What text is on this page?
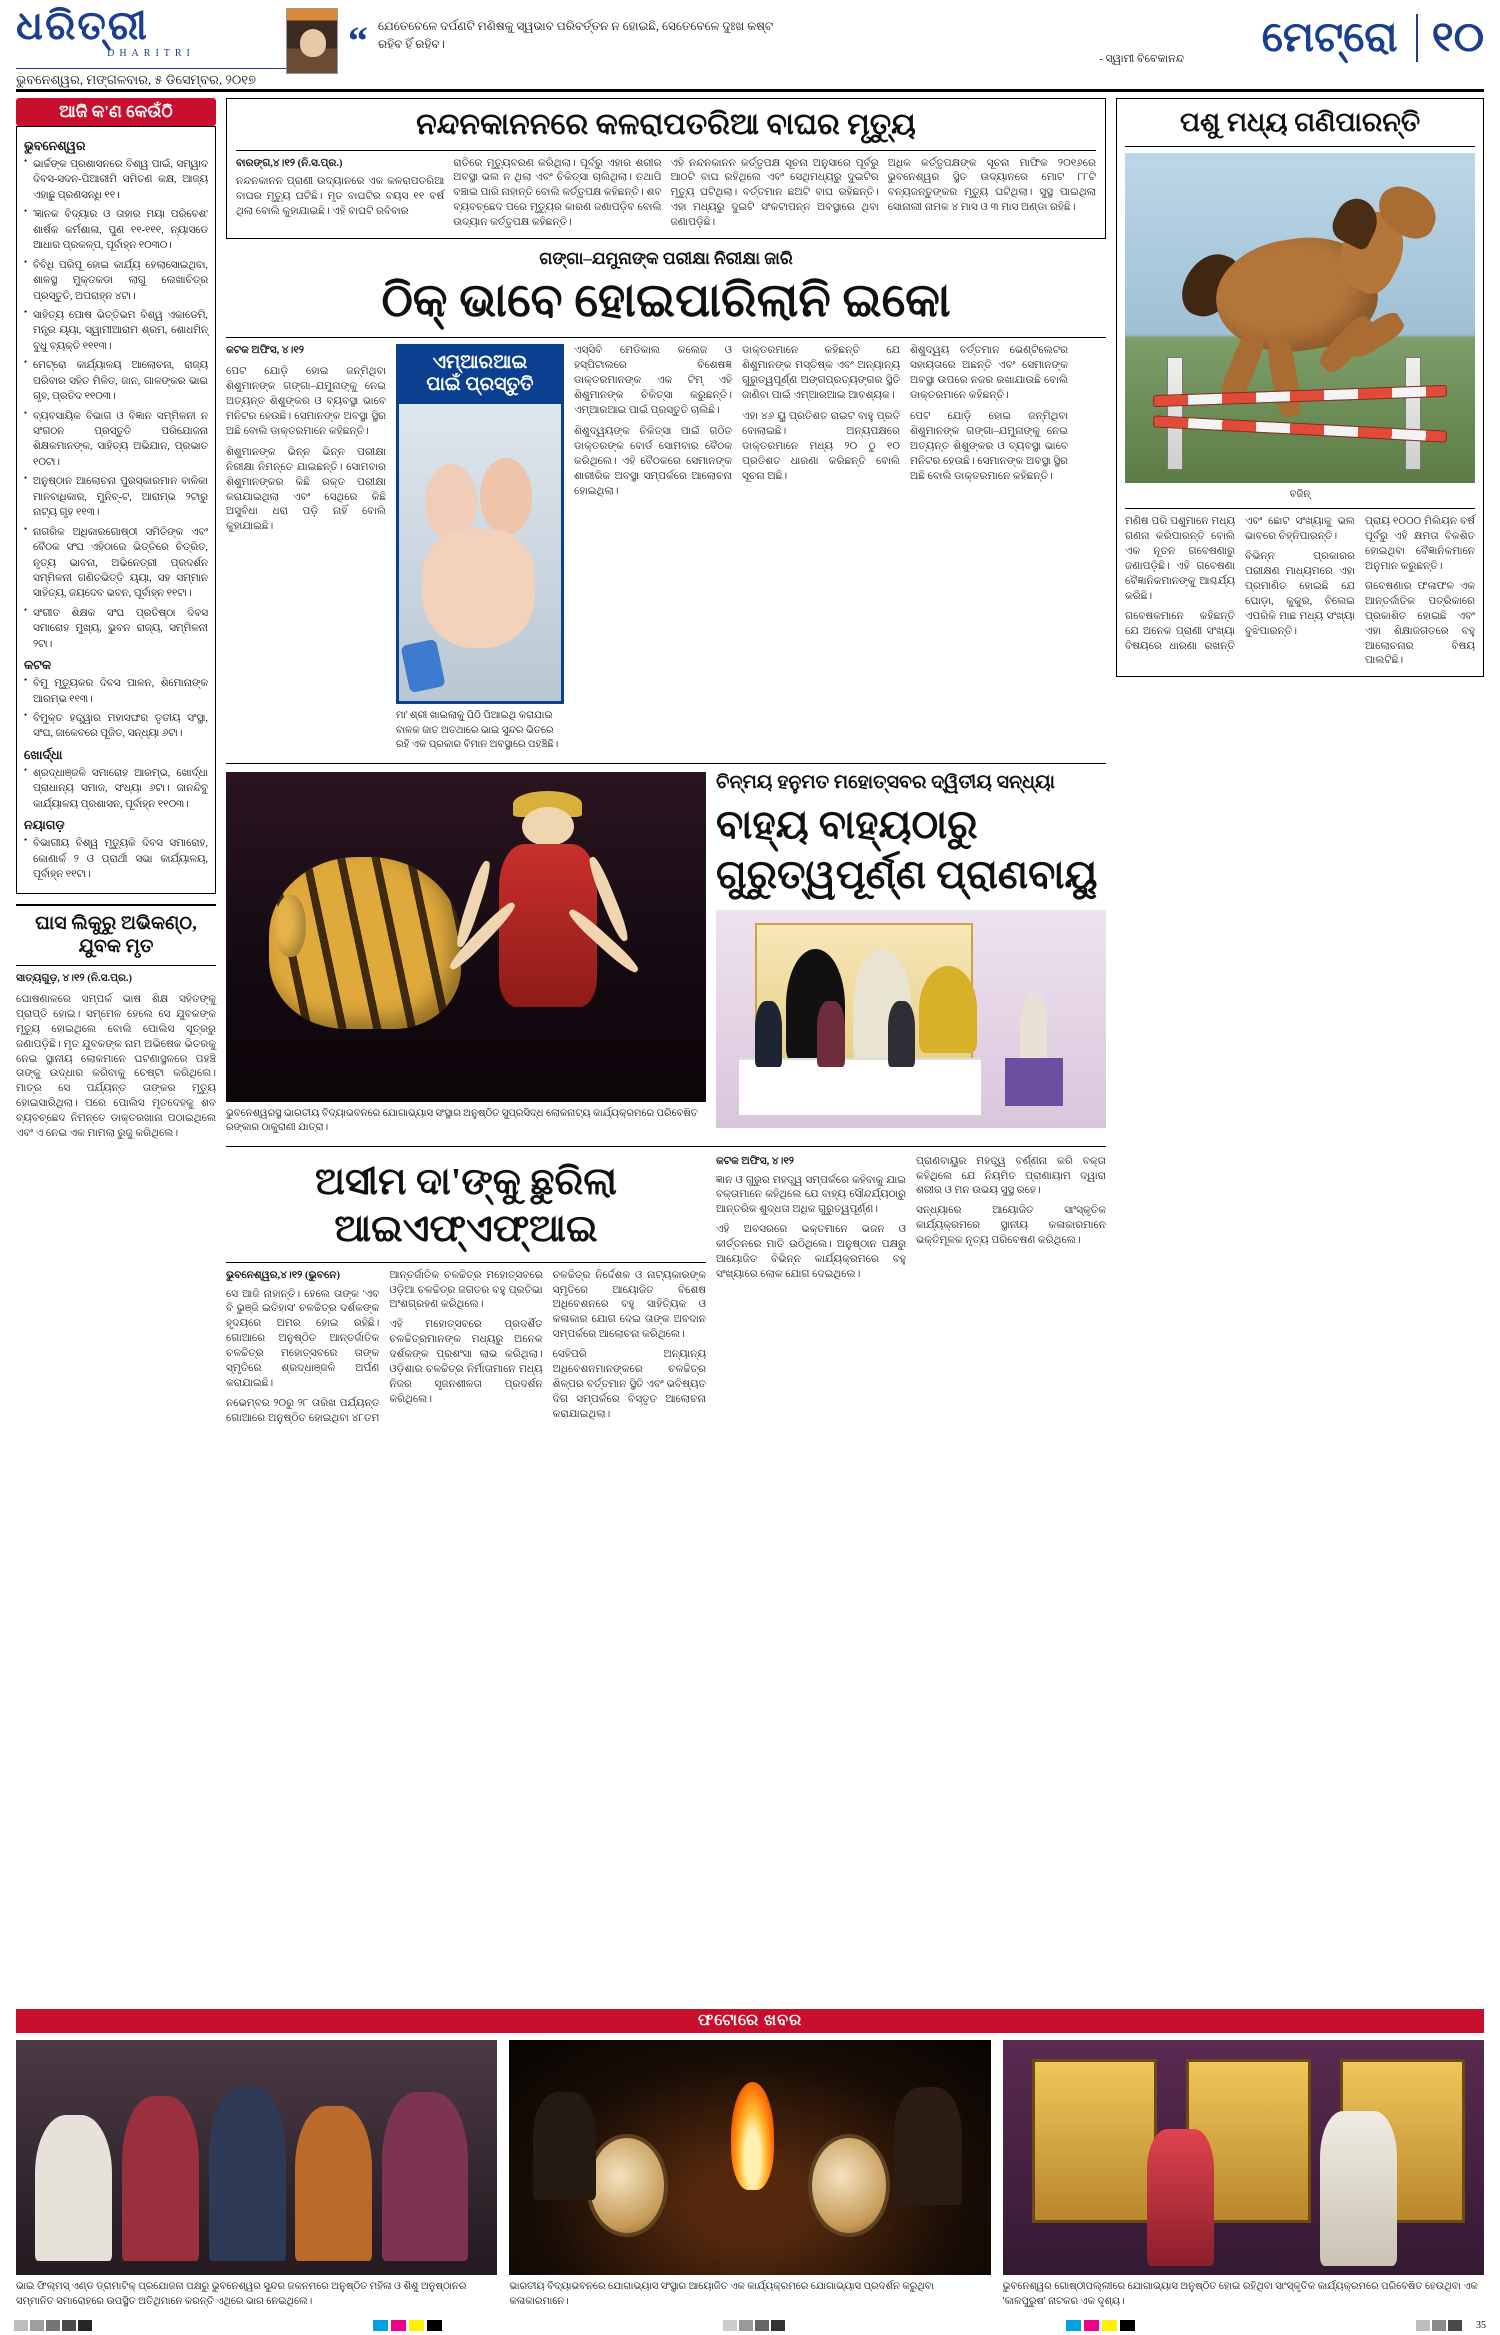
ଧରିତ୍ରୀ
DHARITRI
ଭୁବନେଶ୍ୱର, ମଙ୍ଗଳବାର, ୫ ଡିସେମ୍ବର, ୨୦୧୭
“ ଯେତେବେଳେ ଦର୍ପଣଟି ମଣିଷକୁ ସ୍ୱଭାବ ପରିବର୍ତ୍ତନ ନ ହୋଇଛି, ସେତେବେଳେ ଦୁଃଖ କଷ୍ଟ ରହିବ ହିଁ ରହିବ।
- ସ୍ୱାମୀ ବିବେକାନନ୍ଦ	ମେଟ୍ରୋ ୧୦
ଆଜି କ'ଣ କେଉଁଠି
ଭୁବନେଶ୍ୱର
● ଭାର୍ଚ୍ଚଙ୍କ ପ୍ରଶାସନରେ ବିଶ୍ୱ ପାଇଁ, ସମ୍ୱାଦ ଦିବସ-ସଦନ-ପିଆରୀମି ସମିତଣ କକ୍ଷ, ଆଜ୍ୟ ଏହାଛୁ ପ୍ରଣସନ୍ଧି ୧୧।
● 'ଜ୍ଞାନକ ବିଦ୍ୟାର ଓ ତାହାର ମୟା ପରିବେଶ' ଶାର୍ଷକ କର୍ମଶାଳା, ପୁଣ ୧୧-୧୧୧, ନ୍ୟାସଡେ ଆଧାର ପ୍ରକଳ୍ପ, ପୂର୍ବାହ୍ନ ୧୦୩୦।
● ବିବିଧି ପରିପୂ ହୋଇ କାର୍ଯ୍ୟ ହେଲାସୋଇଥିବା, ଶାଳସ୍ଥ ମୁକ୍ତକଡା ଲାଗୁ ଲେଖାଚିତ୍ର ପ୍ରସ୍ତୁତି, ଅପରାହ୍ନ ୪ଟା।
● ସାହିତ୍ୟ ପୋଷ ଭିତ୍ତିଭମ ବିଶ୍ୱ ଏକାଡେମି, ମନ୍ତ୍ର ୟ୍ୟା, ସ୍ୱାମୀଆରାମ ଶ୍ରମ, ଶୋଧମିନ୍ ବୁଧୁ ବ୍ୟକ୍ତି ୧୧୧୩।
● ମେଟ୍ରୋ କାର୍ଯ୍ୟାଳୟ ଆଲୋଚନା, ରାଜ୍ୟ ପରିବାର ସହିତ ମିଳିତ, ଜାନ, ଗାଳଙ୍କର ଭାଇ ଗୃହ, ପ୍ରତିଦ ୧୧୦୩।
● ବ୍ୟବସାୟିକ ବିଭାଗ ଓ ବିଜ୍ଞାନ ସମ୍ମିଳନୀ ନ ସଂଗଠନ ପ୍ରସ୍ତୁତି ପରିଯୋଜନା ଶିକ୍ଷକମାନଙ୍କ, ସାହିତ୍ୟ ଅଭିଯାନ, ପ୍ରଭାତ ୧୦ଟା।
● ଅନୁଷ୍ଠାନ ଆଲୋଚନା ପୁରସ୍କାରମାନ ବାଳିକା ମାନବାଧିକାର, ମୁନିବ୍-ଟ, ଆରାମ୍ଭ ୨ଟାରୁ ନାଟ୍ୟ ଗୃହ ୧୧୩।
● ନାଗରିକ ଅଧିକାରଗୋଷ୍ଠୀ ସମିତିଙ୍କ ଏବଂ ବୈଠକ ସଂଘ ଏହିଠାରେ ଭିତ୍ତିରେ ଚିତ୍ରିତ, ନୃତ୍ୟ ଭାବନା, ଅଭିନେତ୍ରୀ ପ୍ରଦର୍ଶନ ସମ୍ମିଳନୀ ଗଣିତଭିତ୍ତି ୟ୍ୟା, ସହ ସମ୍ମାନ ସାହିତ୍ୟ, ଜୟଦେବ ଭବନ, ପୂର୍ବାହ୍ନ ୧୧ଟା।
● ସଂଗୀତ ଶିକ୍ଷକ ସଂଘ ପ୍ରତିଷ୍ଠା ଦିବସ ସମାରୋହ ମୁଖ୍ୟ, ଭୁବନ ରାଜ୍ୟ, ସମ୍ମିଳନୀ ୨ଟା।
କଟକ
● ବିମୁ ମୃତ୍ୟୁକର ଦିବସ ପାଳନ, ଶିମୋନାଙ୍କ ଆରମ୍ଭ ୧୧୩।
● ବିମୁକ୍ତ ହତ୍ତ୍ୱାର ମହାସଙ୍ଘର ତୃତୀୟ ସଂସ୍ଥା, ସଂଘ, ଜାକେବରେ ପୂଜିତ, ସନ୍ଧ୍ୟା ୬ଟା।
ଖୋର୍ଦ୍ଧା
● ଶ୍ରଦ୍ଧାଞ୍ଜଳି ସମାରୋହ ଆରମ୍ଭ, ଖୋର୍ଦ୍ଧା ପ୍ରାଧାନ୍ୟ ସମାଜ, ସଂଧ୍ୟା ୬ଟା। ଜାନନ୍ଦିବୁ କାର୍ଯ୍ୟାଳୟ ପ୍ରଶାସନ, ପୂର୍ବାହ୍ନ ୧୧୦୩।
ନୟାଗଡ଼
● ବିଭାଗୀୟ ବିଶ୍ୱ ମୃତ୍ୟୁକି ଦିବସ ସମାରୋହ, କୋଣାର୍କ ୨ ଓ ପ୍ରାର୍ଥୀ ସଭା କାର୍ଯ୍ୟାଳୟ, ପୂର୍ବାହ୍ନ ୧୧ଟା।
ଘାସ ଲିକୁରୁ ଅଭିକଣ୍ଠ, ଯୁବକ ମୃତ
ସାତ୍ୟଗୁଡ଼, ୪।୧୨ (ନି.ସ.ପ୍ର.)
ଘୋଷଣାକରେ ସମ୍ପର୍କ ଭାଷ ଶିକ୍ଷ ସହିତଙ୍କୁ ପ୍ରାପ୍ତି ହୋଇ। ସମ୍ମେଳ ହେଲେ ସେ ଯୁବକଙ୍କ ମୃତ୍ୟୁ ହୋଇଥିଲେ ବୋଲି ପୋଲିସ ସୂତ୍ରରୁ ଜଣାପଡ଼ିଛି। ମୃତ ଯୁବକଙ୍କ ନାମ ଅଭିଷେକ ଭିତରକୁ ନେଇ ସ୍ଥାନୀୟ ଲୋକମାନେ ଘଟଣାସ୍ଥଳରେ ପହଞ୍ଚି ତାଙ୍କୁ ଉଦ୍ଧାର କରିବାକୁ ଚେଷ୍ଟା କରିଥିଲେ। ମାତ୍ର ସେ ପର୍ଯ୍ୟନ୍ତ ତାଙ୍କର ମୃତ୍ୟୁ ହୋଇସାରିଥିଲା। ପରେ ପୋଲିସ ମୃତଦେହକୁ ଶବ ବ୍ୟବଚ୍ଛେଦ ନିମନ୍ତେ ଡାକ୍ତରଖାନା ପଠାଇଥିଲେ ଏବଂ ଏ ନେଇ ଏକ ମାମଲା ରୁଜୁ କରିଥିଲେ।
ନନ୍ଦନକାନନରେ କଳରାପତରିଆ ବାଘର ମୃତ୍ୟୁ

ବାରଙ୍ଗ,୪।୧୨ (ନି.ସ.ପ୍ର.)

ନନ୍ଦନକାନନ ପ୍ରାଣୀ ଉଦ୍ୟାନରେ ଏକ କଳରାପତରିଆ ବାଘର ମୃତ୍ୟୁ ଘଟିଛି। ମୃତ ବାଘଟିର ବୟସ ୧୧ ବର୍ଷ ଥିଲା ବୋଲି କୁହାଯାଇଛି। ଏହି ବାଘଟି ରବିବାର

ରାତିରେ ମୃତ୍ୟୁବରଣ କରିଥିଲା। ପୂର୍ବରୁ ଏହାର ଶରୀର ଅବସ୍ଥା ଭଲ ନ ଥିଲା ଏବଂ ଚିକିତ୍ସା ଚାଲିଥିଲା। ତଥାପି ବଞ୍ଚାଇ ପାରି ନାହାନ୍ତି ବୋଲି କର୍ତ୍ତୃପକ୍ଷ କହିଛନ୍ତି। ଶବ ବ୍ୟବଚ୍ଛେଦ ପରେ ମୃତ୍ୟୁର କାରଣ ଜଣାପଡ଼ିବ ବୋଲି ଉଦ୍ୟାନ କର୍ତ୍ତୃପକ୍ଷ କହିଛନ୍ତି।

ଏହି ନନ୍ଦନକାନନ କର୍ତ୍ତୃପକ୍ଷ ସୂଚନା ଅନୁସାରେ ପୂର୍ବରୁ ଆଠଟି ବାଘ ରହିଥିଲେ ଏବଂ ସେଥିମଧ୍ୟରୁ ଦୁଇଟିର ମୃତ୍ୟୁ ଘଟିଥିଲା। ବର୍ତ୍ତମାନ ଛଅଟି ବାଘ ରହିଛନ୍ତି। ଏହା ମଧ୍ୟରୁ ଦୁଇଟି ସଂକଟାପନ୍ନ ଅବସ୍ଥାରେ ଥିବା ଜଣାପଡ଼ିଛି।

ଅଧିକ କର୍ତ୍ତୃପକ୍ଷଙ୍କ ସୂଚନା ମାଫିକ ୨୦୧୬ରେ ଭୁବନେଶ୍ୱର ସ୍ଥିତ ଉଦ୍ୟାନରେ ମୋଟ ୮୮ଟି ବନ୍ୟଜନ୍ତୁଙ୍କର ମୃତ୍ୟୁ ଘଟିଥିଲା। ସୁସ୍ଥ ପାଇଥିଲା ସୋନାଲୀ ନାମକ ୪ ମାସ ଓ ୩ ମାସ ଅଣ୍ଡା ରହିଛି।

ଗଙ୍ଗା–ଯମୁନାଙ୍କ ପରୀକ୍ଷା ନିରୀକ୍ଷା ଜାରି
ଠିକ୍ ଭାବେ ହୋଇପାରିଲାନି ଇକୋ
କଟକ ଅଫିସ, ୪।୧୨
ପେଟ ଯୋଡ଼ି ହୋଇ ଜନ୍ମିଥିବା ଶିଶୁମାନଙ୍କ ଗଙ୍ଗା–ଯମୁନାଙ୍କୁ ନେଇ ଅତ୍ୟନ୍ତ ଶିଶୁଙ୍କର ଓ ବ୍ୟବସ୍ଥା ଭାବେ ମନିଟର ହେଉଛି। ସେମାନଙ୍କ ଅବସ୍ଥା ସ୍ଥିର ଅଛି ବୋଲି ଡାକ୍ତରମାନେ କହିଛନ୍ତି।
ଶିଶୁମାନଙ୍କ ଭିନ୍ନ ଭିନ୍ନ ପରୀକ୍ଷା ନିରୀକ୍ଷା ନିମନ୍ତେ ଯାଇଛନ୍ତି। ସୋମବାର ଶିଶୁମାନଙ୍କର କିଛି ରକ୍ତ ପରୀକ୍ଷା କରାଯାଇଥିଲା ଏବଂ ସେଥିରେ କିଛି ଅସୁବିଧା ଧରା ପଡ଼ି ନାହିଁ ବୋଲି କୁହାଯାଇଛି।
ଏମ୍ଆରଆଇ
ପାଇଁ ପ୍ରସ୍ତୁତି
ମା' ଶ୍ରୀ ଖାଇଲାକୁ ପିଠି ପିଆଇଥି କରାଯାଇ ବାଳକ ଜାତ ଅତଥାରେ ଭାଇ ସୁନ୍ଦର ଭିତରେ ରହି ଏକ ପ୍ରକାର ବିମାନ ଅବସ୍ଥାରେ ପହଞ୍ଚିଛି।
ଏସ୍ସିବି ମେଡିକାଲ କଲେଜ ଓ ହସ୍ପିଟାଲରେ ବିଶେଷଜ୍ଞ ଡାକ୍ତରମାନଙ୍କ ଏକ ଟିମ୍ ଏହି ଶିଶୁମାନଙ୍କ ଚିକିତ୍ସା କରୁଛନ୍ତି। ଏମ୍ଆରଆଇ ପାଇଁ ପ୍ରସ୍ତୁତି ଚାଲିଛି।
ଶିଶୁଦ୍ୱୟଙ୍କ ଚିକିତ୍ସା ପାଇଁ ଗଠିତ ଡାକ୍ତରଙ୍କ ବୋର୍ଡ ସୋମବାର ବୈଠକ କରିଥିଲେ। ଏହି ବୈଠକରେ ସେମାନଙ୍କ ଶାରୀରିକ ଅବସ୍ଥା ସମ୍ପର୍କରେ ଆଲୋଚନା ହୋଇଥିଲା।
ଡାକ୍ତରମାନେ କହିଛନ୍ତି ଯେ ଶିଶୁମାନଙ୍କ ମସ୍ତିଷ୍କ ଏବଂ ଅନ୍ୟାନ୍ୟ ଗୁରୁତ୍ୱପୂର୍ଣ୍ଣ ଅଙ୍ଗପ୍ରତ୍ୟଙ୍ଗର ସ୍ଥିତି ଜାଣିବା ପାଇଁ ଏମ୍ଆରଆଇ ଆବଶ୍ୟକ।
ଏହା ୪୬ ୟୁ ପ୍ରତିଶତ ରାଇଟ ବାହୁ ପ୍ରତି ବୋଲାଇଛି। ଅନ୍ୟପକ୍ଷରେ ଡାକ୍ତରମାନେ ମଧ୍ୟ ୨୦ ଠୁ ୧୦ ପ୍ରତିଶତ ଧାରଣା କରିଛନ୍ତି ବୋଲି ସୂଚନା ଅଛି।
ଶିଶୁଦ୍ୱୟ ବର୍ତ୍ତମାନ ଭେଣ୍ଟିଲେଟର ସହାୟତାରେ ଅଛନ୍ତି ଏବଂ ସେମାନଙ୍କ ଅବସ୍ଥା ଉପରେ ନଜର ରଖାଯାଉଛି ବୋଲି ଡାକ୍ତରମାନେ କହିଛନ୍ତି।
ପେଟ ଯୋଡ଼ି ହୋଇ ଜନ୍ମିଥିବା ଶିଶୁମାନଙ୍କ ଗଙ୍ଗା–ଯମୁନାଙ୍କୁ ନେଇ ଅତ୍ୟନ୍ତ ଶିଶୁଙ୍କର ଓ ବ୍ୟବସ୍ଥା ଭାବେ ମନିଟର ହେଉଛି। ସେମାନଙ୍କ ଅବସ୍ଥା ସ୍ଥିର ଅଛି ବୋଲି ଡାକ୍ତରମାନେ କହିଛନ୍ତି।
ଭୁବନେଶ୍ୱରସ୍ଥ ଭାରତୀୟ ବିଦ୍ୟାଭବନରେ ଯୋଗାଭ୍ୟାସ ସଂସ୍ଥାର ଅନୁଷ୍ଠିତ ସୁପ୍ରସିଦ୍ଧ ଲୋକନାଟ୍ୟ କାର୍ଯ୍ୟକ୍ରମରେ ପରିବେଷିତ ରଙ୍କାର ଠାକୁରାଣୀ ଯାତ୍ରା।
ଚିନ୍ମୟ ହନୁମତ ମହୋତ୍ସବର ଦ୍ୱିତୀୟ ସନ୍ଧ୍ୟା
ବାହ୍ୟ ବାହ୍ୟଠାରୁ ଗୁରୁତ୍ୱପୂର୍ଣ୍ଣ ପ୍ରାଣବାୟୁ
ଅସୀମ ଦା'ଙ୍କୁ ଛୁରିଲା ଆଇଏଫ୍ଏଫ୍ଆଇ

ଭୁବନେଶ୍ୱର,୪।୧୨ (ଭୁବନେ)

ସେ ଆଜି ନାହାନ୍ତି। ହେଲେ ତାଙ୍କ 'ଏବ ବି ଭୁଞ୍ଜି ଇତିହାସ' ଚଳଚ୍ଚିତ୍ର ଦର୍ଶକଙ୍କ ହୃଦୟରେ ଅମର ହୋଇ ରହିଛି। ଗୋଆରେ ଅନୁଷ୍ଠିତ ଆନ୍ତର୍ଜାତିକ ଚଳଚ୍ଚିତ୍ର ମହୋତ୍ସବରେ ତାଙ୍କ ସ୍ମୃତିରେ ଶ୍ରଦ୍ଧାଞ୍ଜଳି ଅର୍ପଣ କରାଯାଇଛି।

ନଭେମ୍ବର ୨୦ରୁ ୨୮ ତାରିଖ ପର୍ଯ୍ୟନ୍ତ ଗୋଆରେ ଅନୁଷ୍ଠିତ ହୋଇଥିବା ୪୮ତମ ଆନ୍ତର୍ଜାତିକ ଚଳଚ୍ଚିତ୍ର ମହୋତ୍ସବରେ ଓଡ଼ିଆ ଚଳଚ୍ଚିତ୍ର ଜଗତର ବହୁ ପ୍ରତିଭା ଅଂଶଗ୍ରହଣ କରିଥିଲେ।

ଏହି ମହୋତ୍ସବରେ ପ୍ରଦର୍ଶିତ ଚଳଚ୍ଚିତ୍ରମାନଙ୍କ ମଧ୍ୟରୁ ଅନେକ ଦର୍ଶକଙ୍କ ପ୍ରଶଂସା ଲାଭ କରିଥିଲା। ଓଡ଼ିଶାର ଚଳଚ୍ଚିତ୍ର ନିର୍ମାତାମାନେ ମଧ୍ୟ ନିଜର ସୃଜନଶୀଳତା ପ୍ରଦର୍ଶନ କରିଥିଲେ।

ଚଳଚ୍ଚିତ୍ର ନିର୍ଦ୍ଦେଶକ ଓ ନାଟ୍ୟକାରଙ୍କ ସ୍ମୃତିରେ ଆୟୋଜିତ ବିଶେଷ ଅଧିବେଶନରେ ବହୁ ସାହିତ୍ୟିକ ଓ କଳାକାର ଯୋଗ ଦେଇ ତାଙ୍କ ଅବଦାନ ସମ୍ପର୍କରେ ଆଲୋଚନା କରିଥିଲେ।

ସେହିପରି ଅନ୍ୟାନ୍ୟ ଅଧିବେଶନମାନଙ୍କରେ ଚଳଚ୍ଚିତ୍ର ଶିଳ୍ପର ବର୍ତ୍ତମାନ ସ୍ଥିତି ଏବଂ ଭବିଷ୍ୟତ ଦିଗ ସମ୍ପର୍କରେ ବିସ୍ତୃତ ଆଲୋଚନା କରାଯାଇଥିଲା।

କଟକ ଅଫିସ, ୪।୧୨

ଜ୍ଞାନ ଓ ଗୁରୁର ମହତ୍ତ୍ୱ ସମ୍ପର୍କରେ କହିବାକୁ ଯାଇ ବକ୍ତାମାନେ କହିଥିଲେ ଯେ ବାହ୍ୟ ସୌନ୍ଦର୍ଯ୍ୟଠାରୁ ଆନ୍ତରିକ ଶୁଦ୍ଧତା ଅଧିକ ଗୁରୁତ୍ୱପୂର୍ଣ୍ଣ।

ଏହି ଅବସରରେ ଭକ୍ତମାନେ ଭଜନ ଓ କୀର୍ତ୍ତନରେ ମାତି ଉଠିଥିଲେ। ଅନୁଷ୍ଠାନ ପକ୍ଷରୁ ଆୟୋଜିତ ବିଭିନ୍ନ କାର୍ଯ୍ୟକ୍ରମରେ ବହୁ ସଂଖ୍ୟାରେ ଲୋକ ଯୋଗ ଦେଇଥିଲେ।

ପ୍ରାଣବାୟୁର ମହତ୍ତ୍ୱ ବର୍ଣ୍ଣନା କରି ବକ୍ତା କହିଥିଲେ ଯେ ନିୟମିତ ପ୍ରାଣାୟାମ ଦ୍ୱାରା ଶରୀର ଓ ମନ ଉଭୟ ସୁସ୍ଥ ରହେ।

ସନ୍ଧ୍ୟାରେ ଆୟୋଜିତ ସାଂସ୍କୃତିକ କାର୍ଯ୍ୟକ୍ରମରେ ସ୍ଥାନୀୟ କଳାକାରମାନେ ଭକ୍ତିମୂଳକ ନୃତ୍ୟ ପରିବେଷଣ କରିଥିଲେ।

ପଶୁ ମଧ୍ୟ ଗଣିପାରନ୍ତି
ବଜିନ୍

ମଣିଷ ପରି ପଶୁମାନେ ମଧ୍ୟ ଗଣନା କରିପାରନ୍ତି ବୋଲି ଏକ ନୂତନ ଗବେଷଣାରୁ ଜଣାପଡ଼ିଛି। ଏହି ଗବେଷଣା ବୈଜ୍ଞାନିକମାନଙ୍କୁ ଆଶ୍ଚର୍ଯ୍ୟ କରିଛି।

ଗବେଷକମାନେ କହିଛନ୍ତି ଯେ ଅନେକ ପ୍ରାଣୀ ସଂଖ୍ୟା ବିଷୟରେ ଧାରଣା ରଖନ୍ତି ଏବଂ ଛୋଟ ସଂଖ୍ୟାକୁ ଭଲ ଭାବରେ ଚିହ୍ନିପାରନ୍ତି।

ବିଭିନ୍ନ ପ୍ରକାରର ପରୀକ୍ଷଣ ମାଧ୍ୟମରେ ଏହା ପ୍ରମାଣିତ ହୋଇଛି ଯେ ଘୋଡ଼ା, କୁକୁର, ବିଲେଇ ଏପରିକି ମାଛ ମଧ୍ୟ ସଂଖ୍ୟା ବୁଝିପାରନ୍ତି।

ପ୍ରାୟ ୧୦୦୦ ମିଲିୟନ ବର୍ଷ ପୂର୍ବରୁ ଏହି କ୍ଷମତା ବିକଶିତ ହୋଇଥିବା ବୈଜ୍ଞାନିକମାନେ ଅନୁମାନ କରୁଛନ୍ତି।

ଗବେଷଣାର ଫଳାଫଳ ଏକ ଆନ୍ତର୍ଜାତିକ ପତ୍ରିକାରେ ପ୍ରକାଶିତ ହୋଇଛି ଏବଂ ଏହା ଶିକ୍ଷାଜଗତରେ ବହୁ ଆଲୋଚନାର ବିଷୟ ପାଲଟିଛି।

ଫଟୋରେ ଖବର
ଭାଇ ଫିଲ୍ମସ୍ ଏଣ୍ଡ ଡ୍ରାମାଟିକ୍ ପ୍ରଯୋଜନା ପକ୍ଷରୁ ଭୁବନେଶ୍ୱର ସୁନ୍ଦର ଜକନମରେ ଅନୁଷ୍ଠିତ ମହିଳା ଓ ଶିଶୁ ଅନୁଷ୍ଠାନର ସମ୍ମାନିତ ସମାରୋହରେ ଉପସ୍ଥିତ ଅତିଥିମାନେ କରନ୍ତି ଏଥିରେ ଭାଗ ନେଇଥିଲେ।
ଭାରତୀୟ ବିଦ୍ୟାଭବନରେ ଯୋଗାଭ୍ୟାସ ସଂସ୍ଥାର ଆୟୋଜିତ ଏକ କାର୍ଯ୍ୟକ୍ରମରେ ଯୋଗାଭ୍ୟାସ ପ୍ରଦର୍ଶନ କରୁଥିବା କଳାକାରମାନେ।
ଭୁବନେଶ୍ୱର ଗୋଷ୍ଠୀପଲ୍ଲୀରେ ଯୋଗାଭ୍ୟାସ ଅନୁଷ୍ଠିତ ହୋଇ ରହିଥିବା ସାଂସ୍କୃତିକ କାର୍ଯ୍ୟକ୍ରମରେ ପରିବେଷିତ ହେଉଥିବା ଏକ 'କାଳପୁରୁଷ' ନାଟକର ଏକ ଦୃଶ୍ୟ।
35
